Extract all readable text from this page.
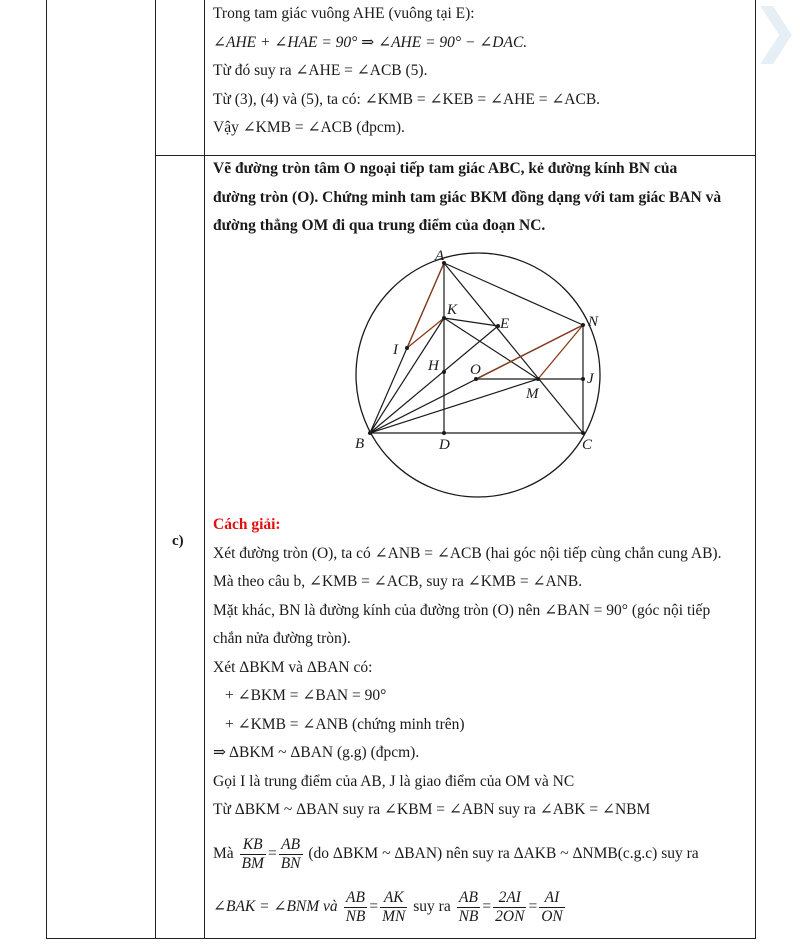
❯
c)
Trong tam giác vuông AHE (vuông tại E):
∠AHE + ∠HAE = 90° ⇒ ∠AHE = 90° − ∠DAC.
Từ đó suy ra ∠AHE = ∠ACB (5).
Từ (3), (4) và (5), ta có: ∠KMB = ∠KEB = ∠AHE = ∠ACB.
Vậy ∠KMB = ∠ACB (đpcm).
Vẽ đường tròn tâm O ngoại tiếp tam giác ABC, kẻ đường kính BN của
đường tròn (O). Chứng minh tam giác BKM đồng dạng với tam giác BAN và
đường thẳng OM đi qua trung điểm của đoạn NC.
A
K
E	N
I
H O
M
J
B	D	C
Cách giải:
Xét đường tròn (O), ta có ∠ANB = ∠ACB (hai góc nội tiếp cùng chắn cung AB).
Mà theo câu b, ∠KMB = ∠ACB, suy ra ∠KMB = ∠ANB.
Mặt khác, BN là đường kính của đường tròn (O) nên ∠BAN = 90° (góc nội tiếp
chắn nửa đường tròn).
Xét ΔBKM và ΔBAN có:
+ ∠BKM = ∠BAN = 90°
+ ∠KMB = ∠ANB (chứng minh trên)
⇒ ΔBKM ~ ΔBAN (g.g) (đpcm).
Gọi I là trung điểm của AB, J là giao điểm của OM và NC
Từ ΔBKM ~ ΔBAN suy ra ∠KBM = ∠ABN suy ra ∠ABK = ∠NBM
Mà $\frac{KB}{BM} = \frac{AB}{BN} (do$ ΔBKM ~ ΔBAN) nên suy ra ΔAKB ~ ΔNMB(c.g.c) suy ra
∠BAK = ∠BNM và $\frac{AB}{NB} = \frac{AK}{MN}$ suy ra $\frac{AB}{NB} = \frac{2AI}{2ON} = \frac{AI}{ON}$
